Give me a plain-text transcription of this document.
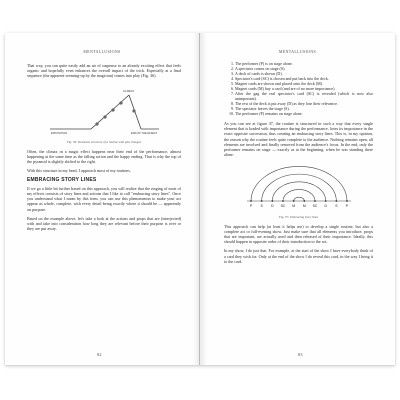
MENTALLUSIONS

That way, you can quite easily add an air of suspense to an already exciting effect that feels organic and hopefully even enhances the overall impact of the trick. Especially at a final sequence (the apparent seeming-up by the magician) comes into play (Fig. 36).

CLIMAX
EXPOSITION	END OF THE EFFECT
Fig. 36: Dramatic structure of a routine with plot changes

Often, the climax in a magic effect happens near their end of the performance, almost happening at the same time as the falling action and the happy ending. That is why the top of the pyramid is slightly shifted to the right.

With this structure in my head, I approach most of my routines.

EMBRACING STORY LINES

If we go a little bit further based on this approach, you will realize that the ringing of most of my effects consists of story lines and actions that I like to call "embracing story lines". Once you understand what I mean by this term, you can use this phenomenon to make your act appear as whole, complete, with every detail being exactly where it should be — apparently on purpose.

Based on the example above, let's take a look at the actions and props that are (interjected) with and take into consideration how long they are relevant before their purpose is over or they are put away.

82
MENTALLUSIONS
1. The performer (P) is on stage alone.
2. A spectator comes on stage (S).
3. A deck of cards is shown (D).
4. Spectator's card (SC) is chosen and put back into the deck.
5. Magnet cards are shown and placed onto the deck (M).
6. Magnet cards (M) buy a card (and are of no more importance).
7. After the gag the real spectator's card (SC) is revealed (which is now also unimportant).
8. The rest of the deck is put away (D) as they lose their relevance.
9. The spectator leaves the stage (S).
10. The performer (P) remains on stage alone.

As you can see at figure 37, the routine is structured in such a way that every single element that is loaded with importance during the performance, loses its importance in the exact opposite succession, thus creating an embracing story lines. This is, in my opinion, the reason why the routine feels quite complete to the audience. Nothing remains open, all elements are involved and finally removed from the audience's focus. In the end, only the performer remains on stage — exactly as at the beginning, when he was standing there alone.

P S D SC M M SC D S P
Fig. 37: Embracing story lines

This approach can help (at least it helps me) to develop a single routine, but also a complete act or full-evening show. Just make sure that all elements you introduce, props that are important, are actually used and then released of their importance. Ideally, this should happen in opposite order of their introduction to the act.

In my show, I do just that. For example, at the start of the show I have everybody think of a card they wish for. Only at the end of the show I do reveal this card, in the way I bring it to the card.

83
